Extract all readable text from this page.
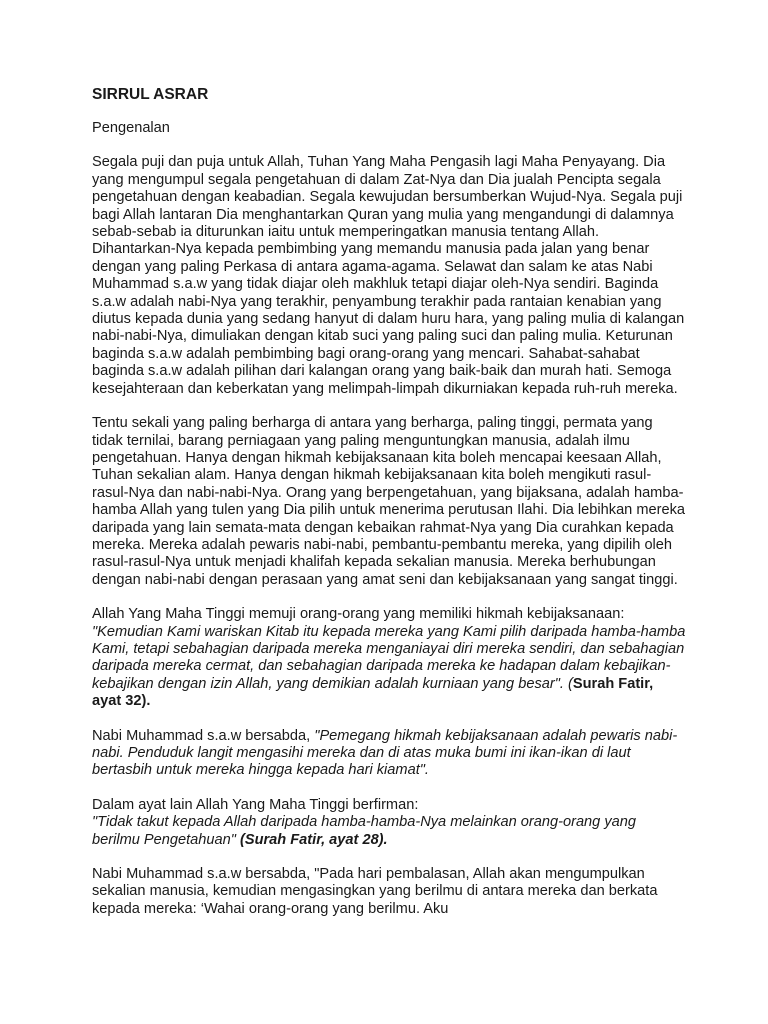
SIRRUL ASRAR
Pengenalan

Segala puji dan puja untuk Allah, Tuhan Yang Maha Pengasih lagi Maha Penyayang. Dia yang mengumpul segala pengetahuan di dalam Zat-Nya dan Dia jualah Pencipta segala pengetahuan dengan keabadian. Segala kewujudan bersumberkan Wujud-Nya. Segala puji bagi Allah lantaran Dia menghantarkan Quran yang mulia yang mengandungi di dalamnya sebab-sebab ia diturunkan iaitu untuk memperingatkan manusia tentang Allah. Dihantarkan-Nya kepada pembimbing yang memandu manusia pada jalan yang benar dengan yang paling Perkasa di antara agama-agama. Selawat dan salam ke atas Nabi Muhammad s.a.w yang tidak diajar oleh makhluk tetapi diajar oleh-Nya sendiri. Baginda s.a.w adalah nabi-Nya yang terakhir, penyambung terakhir pada rantaian kenabian yang diutus kepada dunia yang sedang hanyut di dalam huru hara, yang paling mulia di kalangan nabi-nabi-Nya, dimuliakan dengan kitab suci yang paling suci dan paling mulia. Keturunan baginda s.a.w adalah pembimbing bagi orang-orang yang mencari. Sahabat-sahabat baginda s.a.w adalah pilihan dari kalangan orang yang baik-baik dan murah hati. Semoga kesejahteraan dan keberkatan yang melimpah-limpah dikurniakan kepada ruh-ruh mereka.

Tentu sekali yang paling berharga di antara yang berharga, paling tinggi, permata yang tidak ternilai, barang perniagaan yang paling menguntungkan manusia, adalah ilmu pengetahuan. Hanya dengan hikmah kebijaksanaan kita boleh mencapai keesaan Allah, Tuhan sekalian alam. Hanya dengan hikmah kebijaksanaan kita boleh mengikuti rasul-rasul-Nya dan nabi-nabi-Nya. Orang yang berpengetahuan, yang bijaksana, adalah hamba-hamba Allah yang tulen yang Dia pilih untuk menerima perutusan Ilahi. Dia lebihkan mereka daripada yang lain semata-mata dengan kebaikan rahmat-Nya yang Dia curahkan kepada mereka. Mereka adalah pewaris nabi-nabi, pembantu-pembantu mereka, yang dipilih oleh rasul-rasul-Nya untuk menjadi khalifah kepada sekalian manusia. Mereka berhubungan dengan nabi-nabi dengan perasaan yang amat seni dan kebijaksanaan yang sangat tinggi.

Allah Yang Maha Tinggi memuji orang-orang yang memiliki hikmah kebijaksanaan:
"Kemudian Kami wariskan Kitab itu kepada mereka yang Kami pilih daripada hamba-hamba Kami, tetapi sebahagian daripada mereka menganiayai diri mereka sendiri, dan sebahagian daripada mereka cermat, dan sebahagian daripada mereka ke hadapan dalam kebajikan-kebajikan dengan izin Allah, yang demikian adalah kurniaan yang besar". (Surah Fatir, ayat 32).

Nabi Muhammad s.a.w bersabda, "Pemegang hikmah kebijaksanaan adalah pewaris nabi-nabi. Penduduk langit mengasihi mereka dan di atas muka bumi ini ikan-ikan di laut bertasbih untuk mereka hingga kepada hari kiamat".

Dalam ayat lain Allah Yang Maha Tinggi berfirman:
"Tidak takut kepada Allah daripada hamba-hamba-Nya melainkan orang-orang yang berilmu Pengetahuan" (Surah Fatir, ayat 28).

Nabi Muhammad s.a.w bersabda, "Pada hari pembalasan, Allah akan mengumpulkan sekalian manusia, kemudian mengasingkan yang berilmu di antara mereka dan berkata kepada mereka: ‘Wahai orang-orang yang berilmu. Aku
